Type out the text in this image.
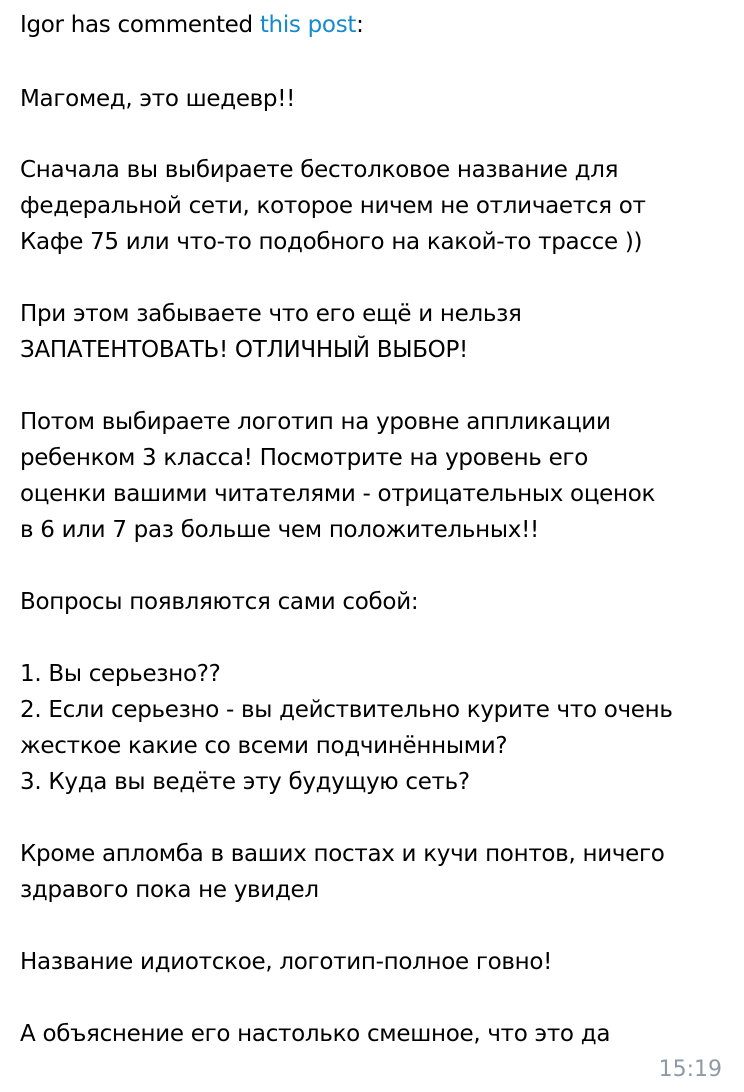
Igor has commented this post:
Магомед, это шедевр!!
Сначала вы выбираете бестолковое название для
федеральной сети, которое ничем не отличается от
Кафе 75 или что-то подобного на какой-то трассе ))
При этом забываете что его ещё и нельзя
ЗАПАТЕНТОВАТЬ! ОТЛИЧНЫЙ ВЫБОР!
Потом выбираете логотип на уровне аппликации
ребенком 3 класса! Посмотрите на уровень его
оценки вашими читателями - отрицательных оценок
в 6 или 7 раз больше чем положительных!!
Вопросы появляются сами собой:
1. Вы серьезно??
2. Если серьезно - вы действительно курите что очень
жесткое какие со всеми подчинёнными?
3. Куда вы ведёте эту будущую сеть?
Кроме апломба в ваших постах и кучи понтов, ничего
здравого пока не увидел
Название идиотское, логотип-полное говно!
А объяснение его настолько смешное, что это да
15:19
